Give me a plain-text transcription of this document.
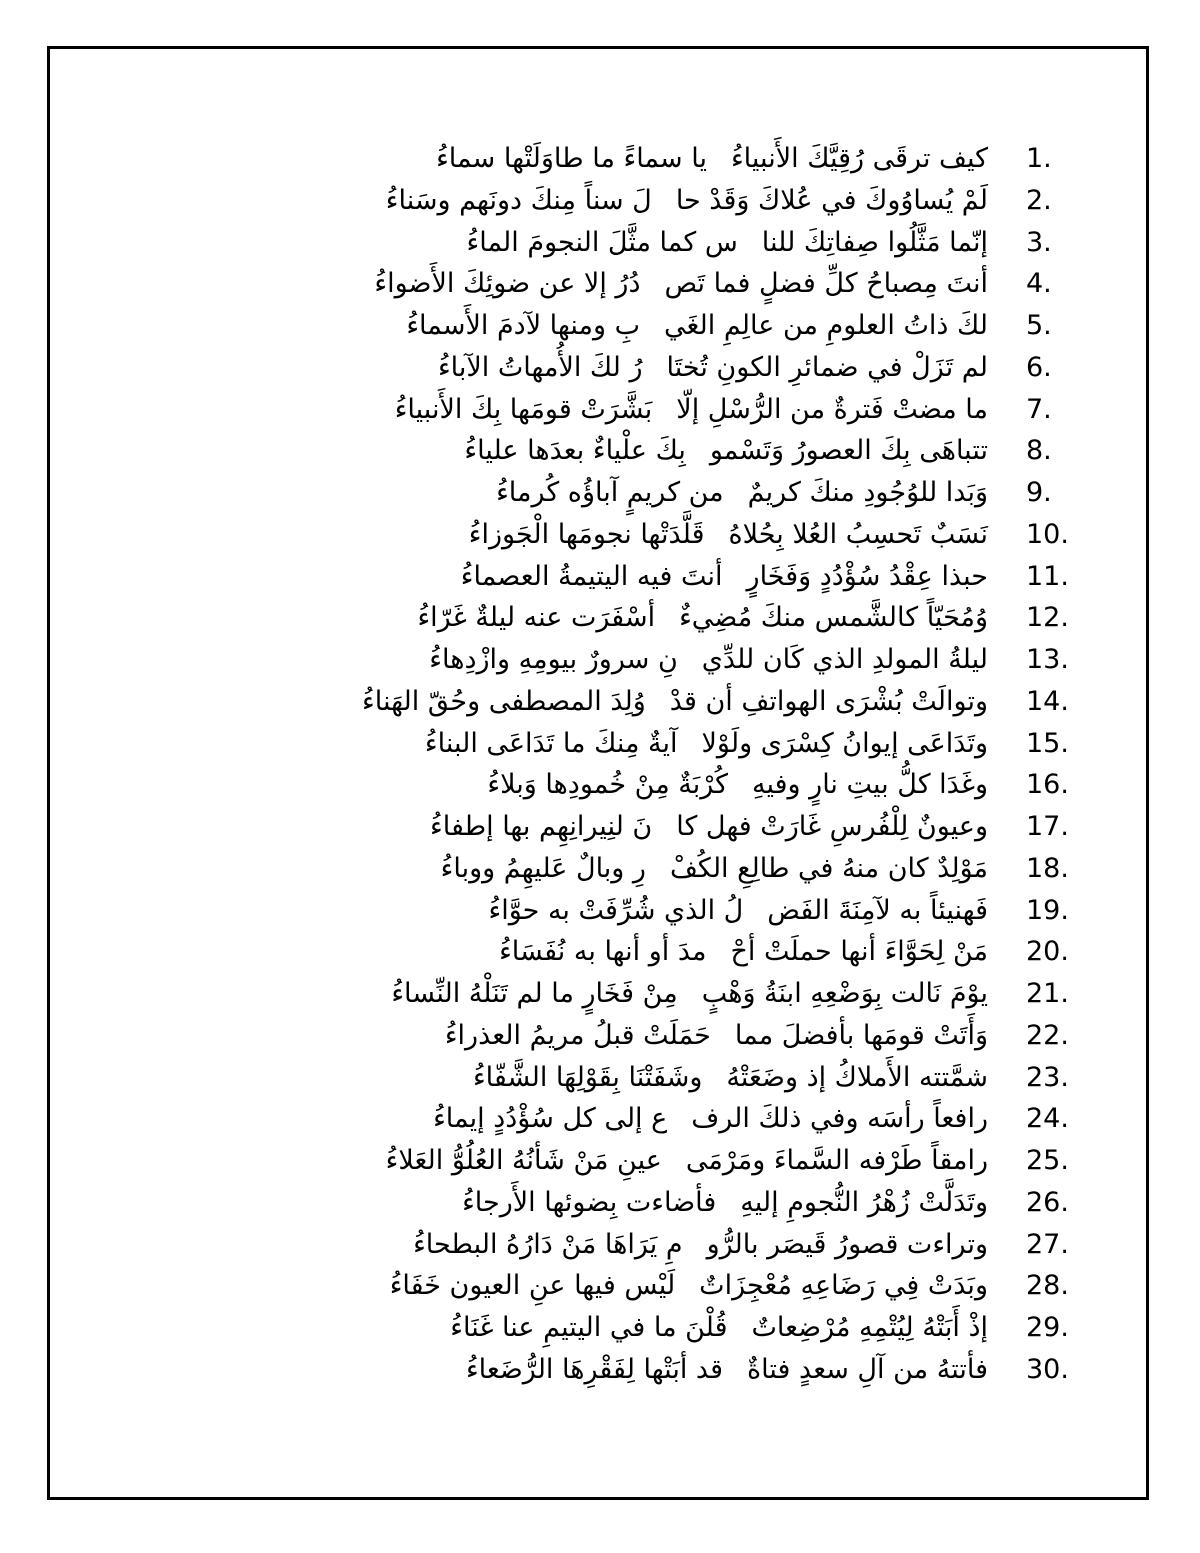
1.
كيف ترقَى رُقِيَّكَ الأَنبياءُ
يا سماءً ما طاوَلَتْها سماءُ
2.
لَمْ يُساوُوكَ في عُلاكَ وَقَدْ حا
لَ سناً مِنكَ دونَهم وسَناءُ
3.
إنّما مَثَّلُوا صِفاتِكَ للنا
س كما مثَّلَ النجومَ الماءُ
4.
أنتَ مِصباحُ كلِّ فضلٍ فما تَص
دُرُ إلا عن ضوئِكَ الأَضواءُ
5.
لكَ ذاتُ العلومِ من عالِمِ الغَي
بِ ومنها لآدمَ الأَسماءُ
6.
لم تَزَلْ في ضمائرِ الكونِ تُختَا
رُ لكَ الأُمهاتُ الآباءُ
7.
ما مضتْ فَترةٌ من الرُّسْلِ إلّا
بَشَّرَتْ قومَها بِكَ الأَنبياءُ
8.
تتباهَى بِكَ العصورُ وَتَسْمو
بِكَ علْياءٌ بعدَها علياءُ
9.
وَبَدا للوُجُودِ منكَ كريمٌ
من كريمٍ آباؤُه كُرماءُ
10.
نَسَبٌ تَحسِبُ العُلا بِحُلاهُ
قَلَّدَتْها نجومَها الْجَوزاءُ
11.
حبذا عِقْدُ سُؤْدُدٍ وَفَخَارٍ
أنتَ فيه اليتيمةُ العصماءُ
12.
وُمُحَيّاً كالشَّمس منكَ مُضِيءٌ
أسْفَرَت عنه ليلةٌ غَرّاءُ
13.
ليلةُ المولدِ الذي كَان للدِّي
نِ سرورٌ بيومِهِ وازْدِهاءُ
14.
وتوالَتْ بُشْرَى الهواتفِ أن قدْ
وُلِدَ المصطفى وحُقّ الهَناءُ
15.
وتَدَاعَى إيوانُ كِسْرَى ولَوْلا
آيةٌ مِنكَ ما تَدَاعَى البناءُ
16.
وغَدَا كلُّ بيتِ نارٍ وفيهِ
كُرْبَةٌ مِنْ خُمودِها وَبلاءُ
17.
وعيونٌ لِلْفُرسِ غَارَتْ فهل كا
نَ لنِيرانِهِم بها إطفاءُ
18.
مَوْلِدٌ كان منهُ في طالِعِ الكُفْ
رِ وبالٌ عَليهِمُ ووباءُ
19.
فَهنيئاً به لآمِنَةَ الفَض
لُ الذي شُرِّفَتْ به حوَّاءُ
20.
مَنْ لِحَوَّاءَ أنها حملَتْ أحْ
مدَ أو أنها به نُفَسَاءُ
21.
يوْمَ نَالت بِوَضْعِهِ ابنَةُ وَهْبٍ
مِنْ فَخَارٍ ما لم تَنَلْهُ النِّساءُ
22.
وَأَتَتْ قومَها بأفضلَ مما
حَمَلَتْ قبلُ مريمُ العذراءُ
23.
شمَّتته الأَملاكُ إذ وضَعَتْهُ
وشَفَتْنَا بِقَوْلِهَا الشَّفّاءُ
24.
رافعاً رأسَه وفي ذلكَ الرف
ع إلى كل سُؤْدُدٍ إيماءُ
25.
رامقاً طَرْفه السَّماءَ ومَرْمَى
عينِ مَنْ شَأنُهُ العُلُوُّ العَلاءُ
26.
وتَدَلَّتْ زُهْرُ النُّجومِ إليهِ
فأضاءت بِضوئها الأَرجاءُ
27.
وتراءت قصورُ قَيصَر بالرُّو
مِ يَرَاهَا مَنْ دَارُهُ البطحاءُ
28.
وبَدَتْ فِي رَضَاعِهِ مُعْجِزَاتٌ
لَيْس فيها عنِ العيون خَفَاءُ
29.
إذْ أَبَتْهُ لِيُتْمِهِ مُرْضِعاتٌ
قُلْنَ ما في اليتيمِ عنا غَنَاءُ
30.
فأتتهُ من آلِ سعدٍ فتاةٌ
قد أبَتْها لِفَقْرِهَا الرُّضَعاءُ
